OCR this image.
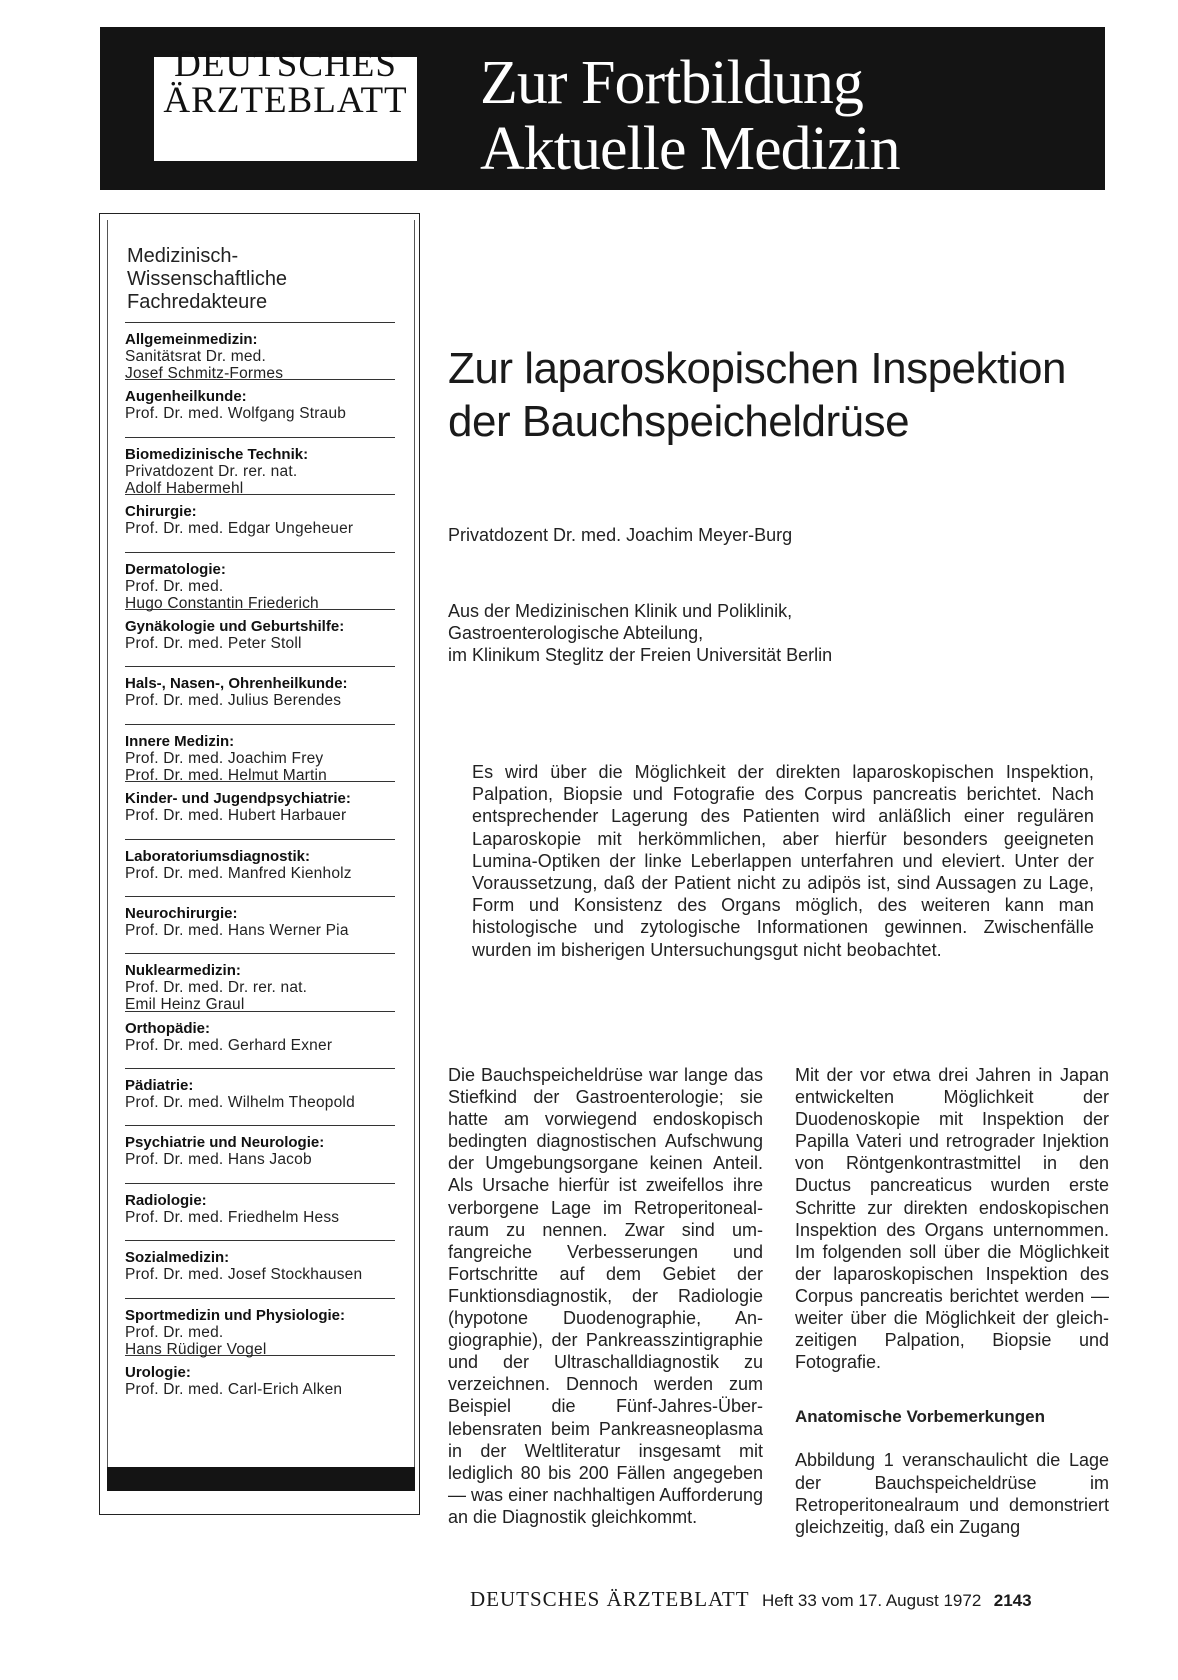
DEUTSCHES
ÄRZTEBLATT Zur Fortbildung
Aktuelle Medizin
Medizinisch-
Wissenschaftliche
Fachredakteure
Allgemeinmedizin:
Sanitätsrat Dr. med.
Josef Schmitz-Formes
Augenheilkunde:
Prof. Dr. med. Wolfgang Straub
Biomedizinische Technik:
Privatdozent Dr. rer. nat.
Adolf Habermehl
Chirurgie:
Prof. Dr. med. Edgar Ungeheuer
Dermatologie:
Prof. Dr. med.
Hugo Constantin Friederich
Gynäkologie und Geburtshilfe:
Prof. Dr. med. Peter Stoll
Hals-, Nasen-, Ohrenheilkunde:
Prof. Dr. med. Julius Berendes
Innere Medizin:
Prof. Dr. med. Joachim Frey
Prof. Dr. med. Helmut Martin
Kinder- und Jugendpsychiatrie:
Prof. Dr. med. Hubert Harbauer
Laboratoriumsdiagnostik:
Prof. Dr. med. Manfred Kienholz
Neurochirurgie:
Prof. Dr. med. Hans Werner Pia
Nuklearmedizin:
Prof. Dr. med. Dr. rer. nat.
Emil Heinz Graul
Orthopädie:
Prof. Dr. med. Gerhard Exner
Pädiatrie:
Prof. Dr. med. Wilhelm Theopold
Psychiatrie und Neurologie:
Prof. Dr. med. Hans Jacob
Radiologie:
Prof. Dr. med. Friedhelm Hess
Sozialmedizin:
Prof. Dr. med. Josef Stockhausen
Sportmedizin und Physiologie:
Prof. Dr. med.
Hans Rüdiger Vogel
Urologie:
Prof. Dr. med. Carl-Erich Alken
Zur laparoskopischen Inspektion
der Bauchspeicheldrüse
Privatdozent Dr. med. Joachim Meyer-Burg
Aus der Medizinischen Klinik und Poliklinik,
Gastroenterologische Abteilung,
im Klinikum Steglitz der Freien Universität Berlin
Es wird über die Möglichkeit der direkten laparoskopischen Inspektion, Palpation, Biopsie und Fotografie des Corpus pancreatis berichtet. Nach entsprechender Lagerung des Patienten wird anläßlich einer regulären Laparoskopie mit herkömmlichen, aber hierfür besonders geeigneten Lumina-Optiken der linke Leberlappen unterfahren und eleviert. Unter der Voraussetzung, daß der Patient nicht zu adipös ist, sind Aussagen zu Lage, Form und Konsistenz des Organs möglich, des weiteren kann man histologische und zytologische Informationen gewinnen. Zwischenfälle wurden im bisherigen Untersuchungsgut nicht beobachtet.

Die Bauchspeicheldrüse war lange das Stiefkind der Gastroenterologie; sie hatte am vorwiegend endoskopisch bedingten diagnostischen Aufschwung der Umgebungsorgane keinen Anteil. Als Ursache hierfür ist zweifellos ihre verborgene Lage im Retroperitonealraum zu nennen. Zwar sind umfangreiche Verbesserungen und Fortschritte auf dem Gebiet der Funktionsdiagnostik, der Radiologie (hypotone Duodenographie, Angiographie), der Pankreasszintigraphie und der Ultraschalldiagnostik zu verzeichnen. Dennoch werden zum Beispiel die Fünf-Jahres-Überlebensraten beim Pankreasneoplasma in der Weltliteratur insgesamt mit lediglich 80 bis 200 Fällen angegeben — was einer nachhaltigen Aufforderung an die Diagnostik gleichkommt.

Mit der vor etwa drei Jahren in Japan entwickelten Möglichkeit der Duodenoskopie mit Inspektion der Papilla Vateri und retrograder Injektion von Röntgenkontrastmittel in den Ductus pancreaticus wurden erste Schritte zur direkten endoskopischen Inspektion des Organs unternommen. Im folgenden soll über die Möglichkeit der laparoskopischen Inspektion des Corpus pancreatis berichtet werden — weiter über die Möglichkeit der gleichzeitigen Palpation, Biopsie und Fotografie.

Anatomische Vorbemerkungen

Abbildung 1 veranschaulicht die Lage der Bauchspeicheldrüse im Retroperitonealraum und demonstriert gleichzeitig, daß ein Zugang

DEUTSCHES ÄRZTEBLATT Heft 33 vom 17. August 1972 2143
